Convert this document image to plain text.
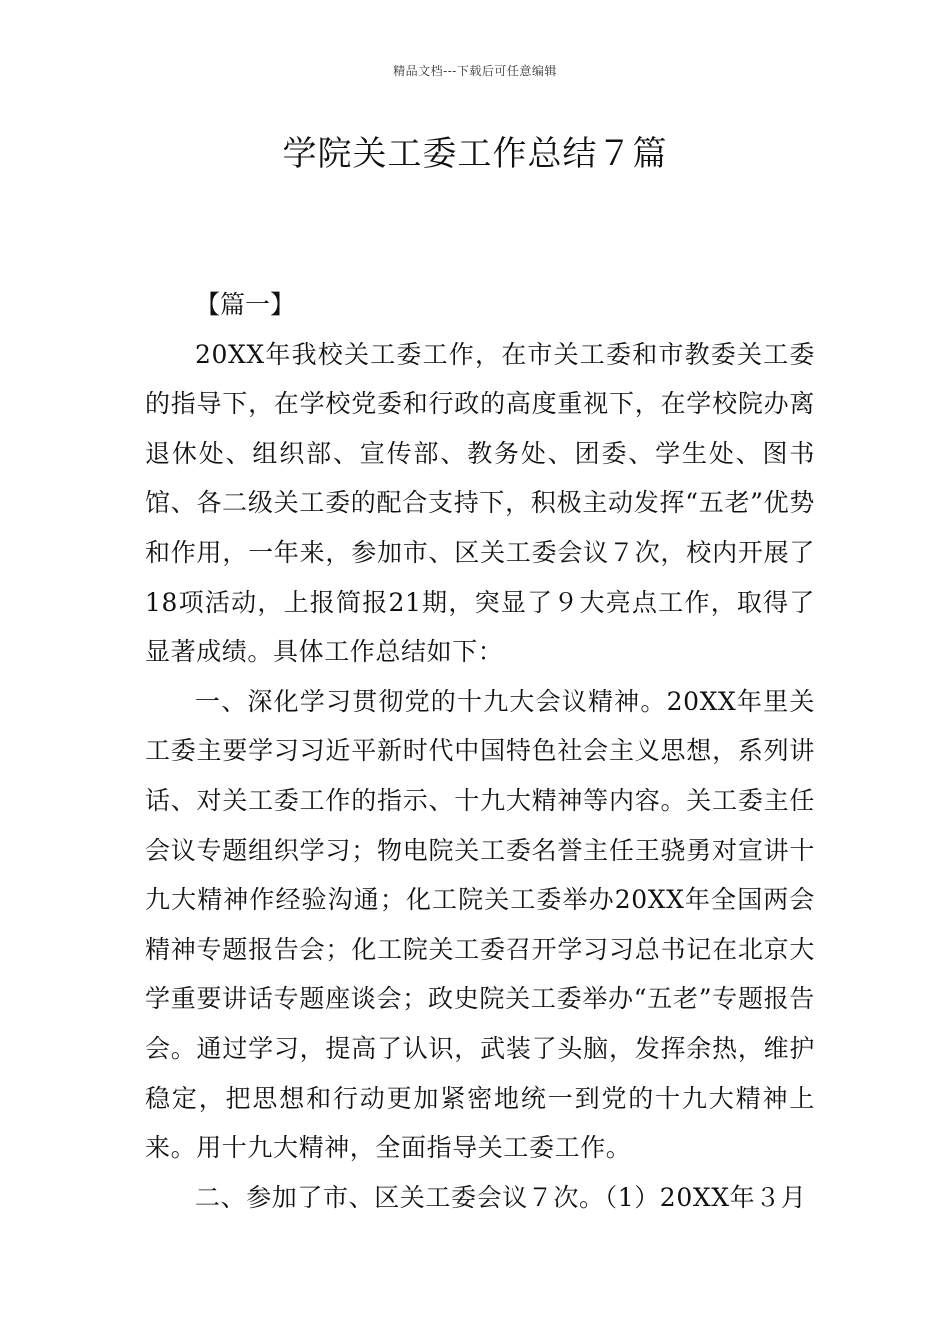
精品文档---下载后可任意编辑
学院关工委工作总结７篇

【篇一】

20XX年我校关工委工作，在市关工委和市教委关工委的指导下，在学校党委和行政的高度重视下，在学校院办离退休处、组织部、宣传部、教务处、团委、学生处、图书馆、各二级关工委的配合支持下，积极主动发挥“五老”优势和作用，一年来，参加市、区关工委会议７次，校内开展了18项活动，上报简报21期，突显了９大亮点工作，取得了显著成绩。具体工作总结如下：

一、深化学习贯彻党的十九大会议精神。20XX年里关工委主要学习习近平新时代中国特色社会主义思想，系列讲话、对关工委工作的指示、十九大精神等内容。关工委主任会议专题组织学习；物电院关工委名誉主任王骁勇对宣讲十九大精神作经验沟通；化工院关工委举办20XX年全国两会精神专题报告会；化工院关工委召开学习习总书记在北京大学重要讲话专题座谈会；政史院关工委举办“五老”专题报告会。通过学习，提高了认识，武装了头脑，发挥余热，维护稳定，把思想和行动更加紧密地统一到党的十九大精神上来。用十九大精神，全面指导关工委工作。

二、参加了市、区关工委会议７次。（1）20XX年３月
